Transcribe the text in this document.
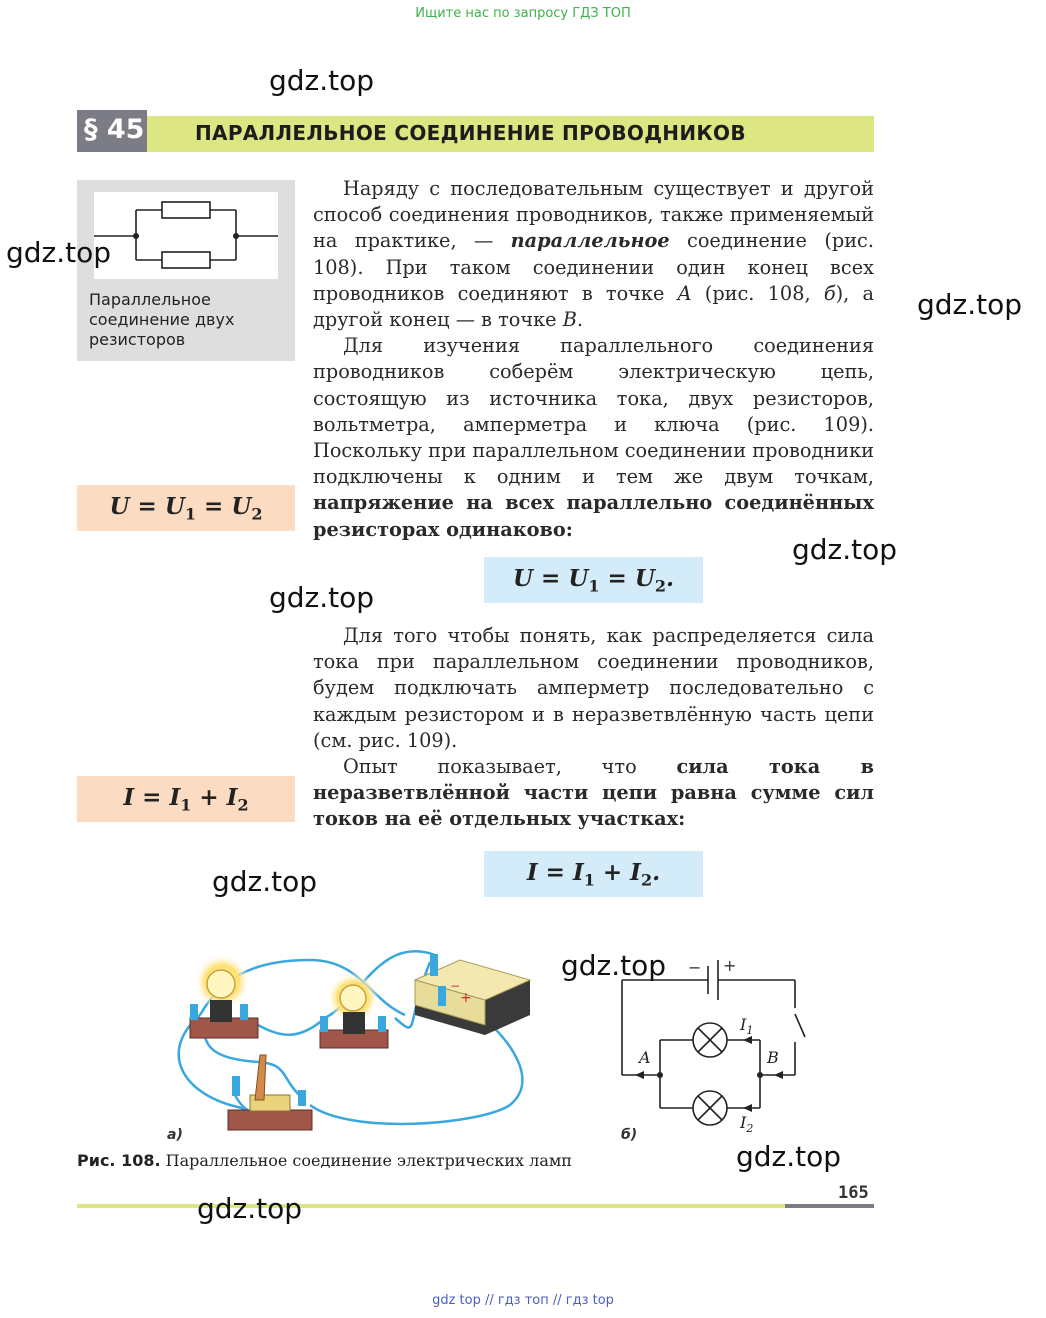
Ищите нас по запросу ГДЗ ТОП
§ 45	ПАРАЛЛЕЛЬНОЕ СОЕДИНЕНИЕ ПРОВОДНИКОВ
Параллельное соединение двух резисторов
$U = U_1 = U_2$
$I = I_1 + I_2$

Наряду с последовательным существует и другой способ соединения проводников, также применяемый на практике, — параллельное соединение (рис. 108). При таком соединении один конец всех проводников соединяют в точке A (рис. 108, б), а другой конец — в точке B.

Для изучения параллельного соединения проводников соберём электрическую цепь, состоящую из источника тока, двух резисторов, вольтметра, амперметра и ключа (рис. 109). Поскольку при параллельном соединении проводники подключены к одним и тем же двум точкам, напряжение на всех параллельно соединённых резисторах одинаково:

$U = U_1 = U_2$.

Для того чтобы понять, как распределяется сила тока при параллельном соединении проводников, будем подключать амперметр последовательно с каждым резистором и в неразветвлённую часть цепи (см. рис. 109).

Опыт показывает, что сила тока в неразветвлённой части цепи равна сумме сил токов на её отдельных участках:

$I = I_1 + I_2$.
−
+
− +
A	B
$I_1$
$I_2$
а)	б)
Рис. 108. Параллельное соединение электрических ламп
165
gdz top // гдз топ // гдз top
gdz.top
gdz.top
gdz.top
gdz.top
gdz.top
gdz.top
gdz.top
gdz.top
gdz.top
